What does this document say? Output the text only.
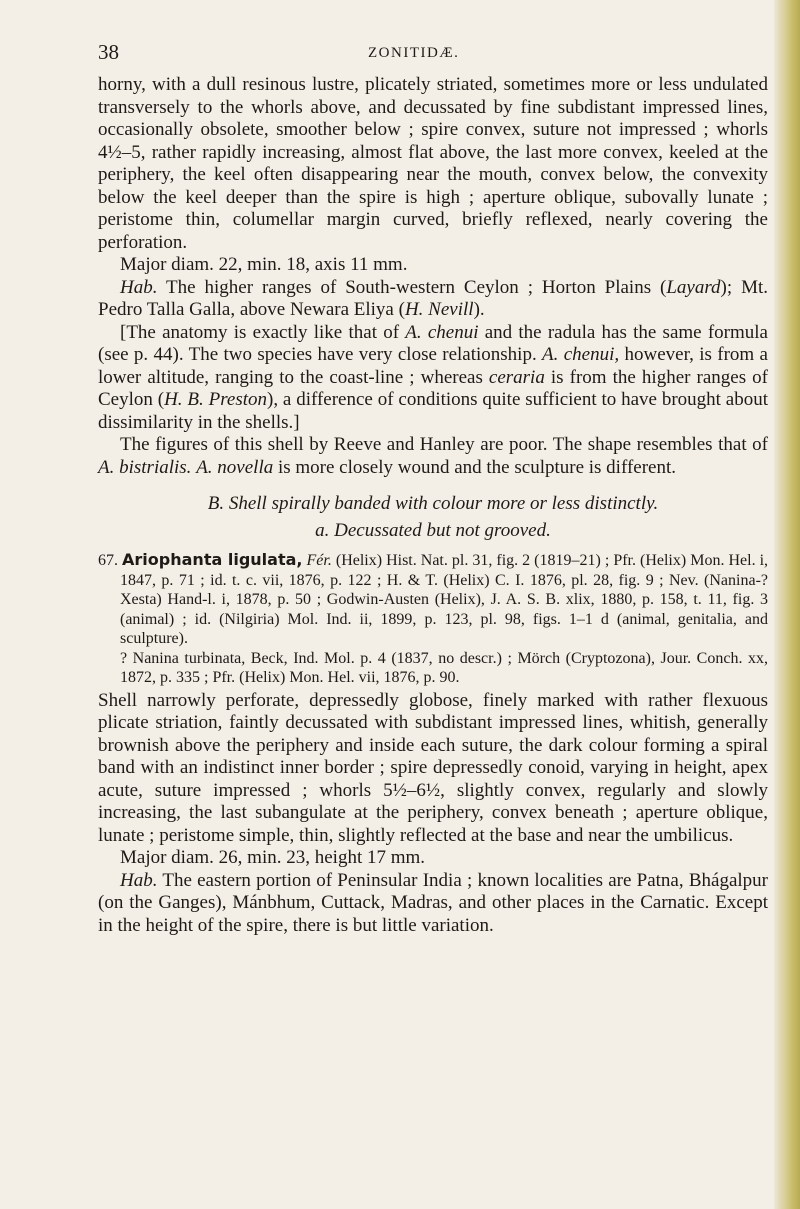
38	ZONITIDÆ.

horny, with a dull resinous lustre, plicately striated, sometimes more or less undulated transversely to the whorls above, and decussated by fine subdistant impressed lines, occasionally obsolete, smoother below ; spire convex, suture not impressed ; whorls 4½–5, rather rapidly increasing, almost flat above, the last more convex, keeled at the periphery, the keel often disappearing near the mouth, convex below, the convexity below the keel deeper than the spire is high ; aperture oblique, subovally lunate ; peristome thin, columellar margin curved, briefly reflexed, nearly covering the perforation.

Major diam. 22, min. 18, axis 11 mm.

Hab. The higher ranges of South-western Ceylon ; Horton Plains (Layard); Mt. Pedro Talla Galla, above Newara Eliya (H. Nevill).

[The anatomy is exactly like that of A. chenui and the radula has the same formula (see p. 44). The two species have very close relationship. A. chenui, however, is from a lower altitude, ranging to the coast-line ; whereas ceraria is from the higher ranges of Ceylon (H. B. Preston), a difference of conditions quite sufficient to have brought about dissimilarity in the shells.]

The figures of this shell by Reeve and Hanley are poor. The shape resembles that of A. bistrialis. A. novella is more closely wound and the sculpture is different.

B. Shell spirally banded with colour more or less distinctly.

a. Decussated but not grooved.

67. Ariophanta ligulata, Fér. (Helix) Hist. Nat. pl. 31, fig. 2 (1819–21) ; Pfr. (Helix) Mon. Hel. i, 1847, p. 71 ; id. t. c. vii, 1876, p. 122 ; H. & T. (Helix) C. I. 1876, pl. 28, fig. 9 ; Nev. (Nanina-?Xesta) Hand-l. i, 1878, p. 50 ; Godwin-Austen (Helix), J. A. S. B. xlix, 1880, p. 158, t. 11, fig. 3 (animal) ; id. (Nilgiria) Mol. Ind. ii, 1899, p. 123, pl. 98, figs. 1–1 d (animal, genitalia, and sculpture).

? Nanina turbinata, Beck, Ind. Mol. p. 4 (1837, no descr.) ; Mörch (Cryptozona), Jour. Conch. xx, 1872, p. 335 ; Pfr. (Helix) Mon. Hel. vii, 1876, p. 90.

Shell narrowly perforate, depressedly globose, finely marked with rather flexuous plicate striation, faintly decussated with subdistant impressed lines, whitish, generally brownish above the periphery and inside each suture, the dark colour forming a spiral band with an indistinct inner border ; spire depressedly conoid, varying in height, apex acute, suture impressed ; whorls 5½–6½, slightly convex, regularly and slowly increasing, the last subangulate at the periphery, convex beneath ; aperture oblique, lunate ; peristome simple, thin, slightly reflected at the base and near the umbilicus.

Major diam. 26, min. 23, height 17 mm.

Hab. The eastern portion of Peninsular India ; known localities are Patna, Bhágalpur (on the Ganges), Mánbhum, Cuttack, Madras, and other places in the Carnatic. Except in the height of the spire, there is but little variation.
